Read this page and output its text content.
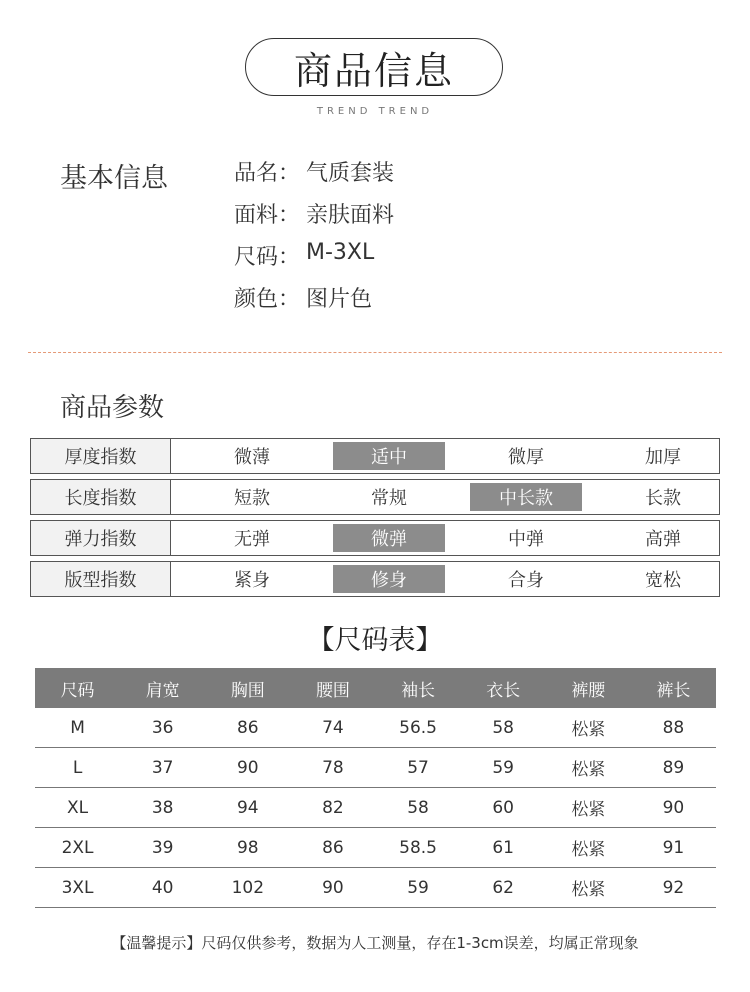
商品信息
TREND TREND
基本信息	品名： 气质套装
面料： 亲肤面料
尺码： M-3XL
颜色： 图片色
商品参数
厚度指数	微薄	适中	微厚	加厚
长度指数	短款	常规	中长款	长款
弹力指数	无弹	微弹	中弹	高弹
版型指数	紧身	修身	合身	宽松
【尺码表】
尺码	肩宽	胸围	腰围	袖长	衣长	裤腰	裤长
M	36	86	74	56.5	58	松紧	88
L	37	90	78	57	59	松紧	89
XL	38	94	82	58	60	松紧	90
2XL	39	98	86	58.5	61	松紧	91
3XL	40	102	90	59	62	松紧	92
【温馨提示】尺码仅供参考，数据为人工测量，存在1-3cm误差，均属正常现象
